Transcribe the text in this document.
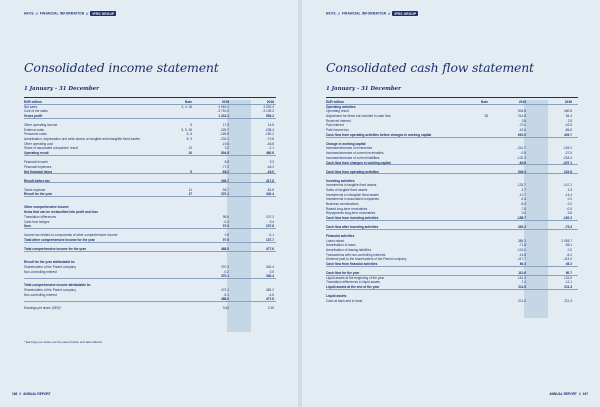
HKVS // FINANCIAL INFORMATION // IFRS GROUP
Consolidated income statement
1 January - 31 December
EUR million	Note	2019	2018
Net sales	3, 4, 18	4 983.1	4 092.4
Cost of the sales	-3 751.0	-3 139.2
Gross profit	1 232.1	953.2
Other operating income	5	17.9	14.8
External costs	5, 9, 18	-325.7	-238.4
Personnel costs	5, 6	-169.9	-150.2
Amortisation, depreciation and write-downs on tangible and intangible fixed assets	8, 9	-233.1	-70.8
Other operating cost	-19.8	-46.8
Share of associated companies' result	13	3.2	-2.1
Operating result	10	504.8	460.8
Financial income	8.8	3.3
Financial expenses	-77.0	-46.3
Net financial items	9	-68.2	-43.0
Result before tax	436.7	417.8
Taxes expense	11	-96.7	-81.8
Result for the year	17	370.1	340.4
Other comprehensive income
Items that can be reclassified into profit and loss
Translation differences	95.6	107.3
Cash flow hedges	-0.3	9.4
Sum	97.0	107.8
Income tax related to components of other comprehensive income	0.5	-0.1
Total other comprehensive income for the year	97.5	137.7
Total comprehensive income for the year	468.0	477.6
Result for the year attributable to:
Shareholders of the Parent company	370.3	340.4
Non-controlling interest	-0.2	0.0
370.1	340.4
Total comprehensive income attributable to:
Shareholders of the Parent company	473.1	482.2
Non-controlling interest	-5.1	-4.6
468.0	477.6
Earnings per share (SEK)*	3.64	3.35
* Earnings per share are the same before and after dilution.
166 // ANNUAL REPORT
HKVS // FINANCIAL INFORMATION // IFRS GROUP
Consolidated cash flow statement
1 January - 31 December
EUR million	Note	2019	2018
Operating activities
Operating result	504.8	460.8
Adjustment for items not included in cash flow	28	214.8	54.4
Received interest	2.8	2.8
Paid interest	-70.1	-42.5
Paid income tax	-42.4	-86.6
Cash flow from operating activities before changes in working capital	610.0	429.7
Change in working capital
Increase/decrease of inventories	-241.7	-194.0
Increase/decrease of current receivables	-0.5	-27.6
Increase/decrease of current liabilities	-132.3	-218.4
Cash flow from changes in working capital	-60.6	-207.1
Cash flow from operating activities	549.3	222.6
Investing activities
Investments in tangible fixed assets	-133.7	-147.1
Sales of tangible fixed assets	4.7	3.3
Investments in intangible fixed assets	-12.7	-14.4
Investments in associated companies	-0.4	0.0
Business combinations	-8.4	0.0
Raised long-term receivables	-7.6	-0.9
Repayments long-term receivables	0.4	3.8
Cash flow from investing activities	-158.7	-152.3
Cash flow after investing activities	392.2	-70.3
Financial activities
Loans raised	386.3	2 055.7
Amortisation of loans	-71.8	-96.1
Amortisation of leasing liabilities	-101.0	0.0
Transactions with non-controlling interests	-14.8	-6.0
Dividend paid to the shareholders of the Parent company	-117.7	-113.0
Cash flow from financial activities	80.4	49.2
Cash flow for the year	112.6	90.7
Liquid assets at the beginning of the year	161.3	131.6
Translation differences in liquid assets	-7.4	-11.1
Liquid assets at the end of the year	211.5	211.3
Liquid assets
Cash at bank and in hand	211.5	211.3
ANNUAL REPORT // 167
